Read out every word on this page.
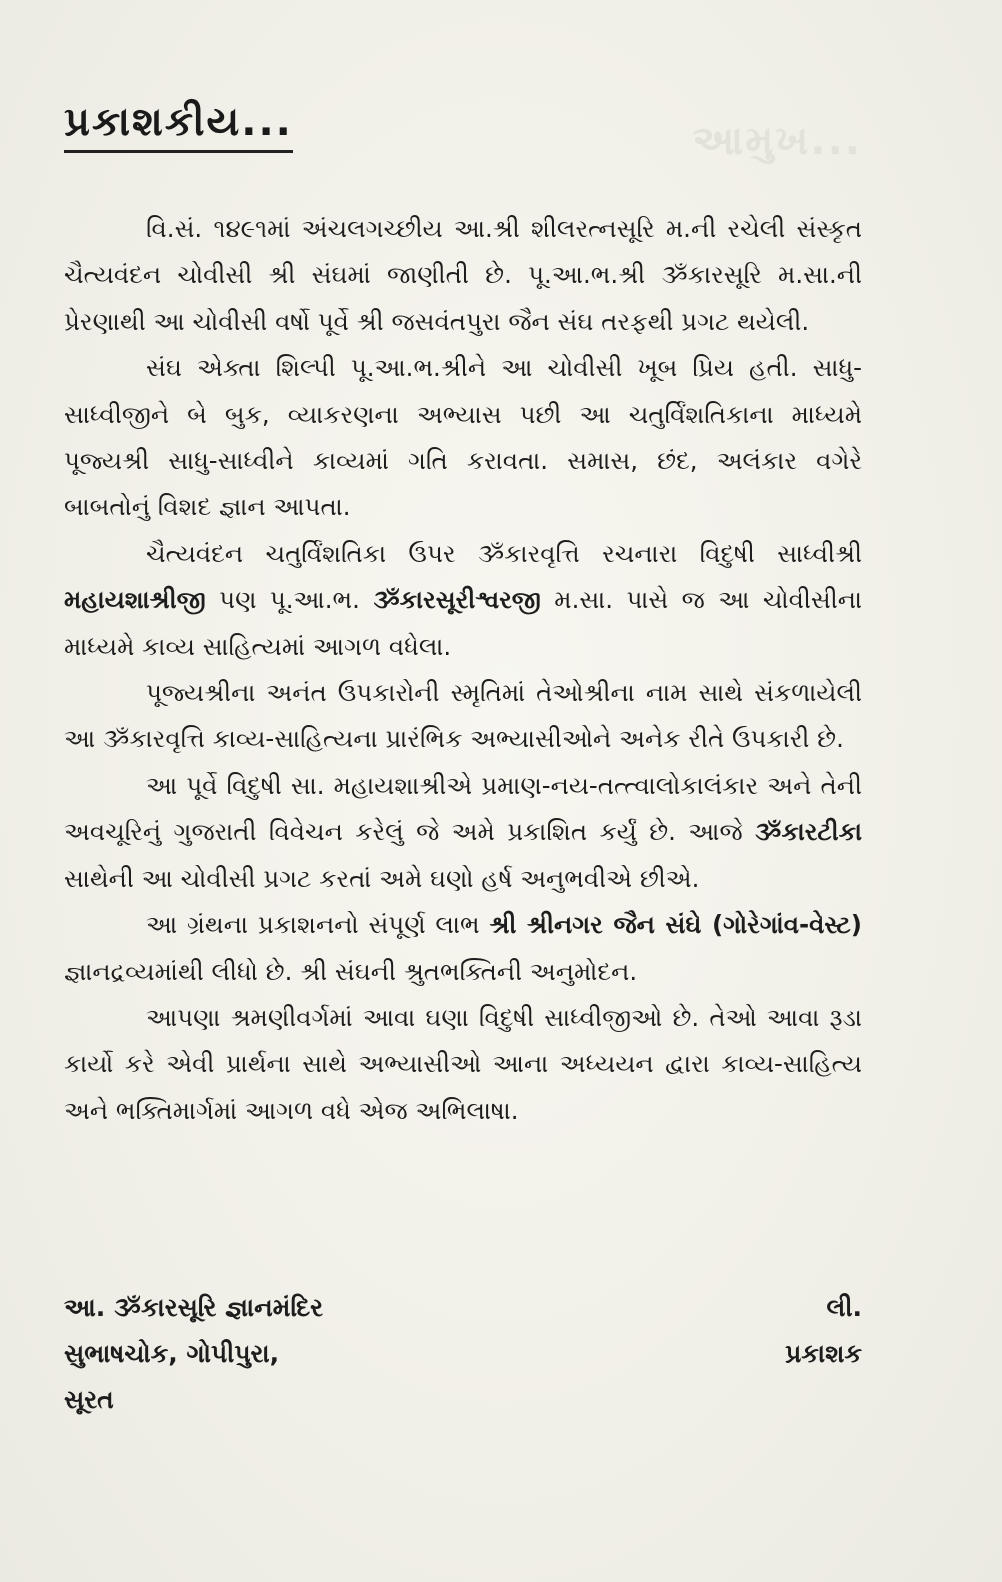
આમુખ...
પ્રકાશકીય...

વિ.સં. ૧૪૯૧માં અંચલગચ્છીય આ.શ્રી શીલરત્નસૂરિ મ.ની રચેલી સંસ્કૃત ચૈત્યવંદન ચોવીસી શ્રી સંઘમાં જાણીતી છે. પૂ.આ.ભ.શ્રી ૐકારસૂરિ મ.સા.ની પ્રેરણાથી આ ચોવીસી વર્ષો પૂર્વે શ્રી જસવંતપુરા જૈન સંઘ તરફથી પ્રગટ થયેલી.

સંઘ એક્તા શિલ્પી પૂ.આ.ભ.શ્રીને આ ચોવીસી ખૂબ પ્રિય હતી. સાધુ-સાધ્વીજીને બે બુક, વ્યાકરણના અભ્યાસ પછી આ ચતુર્વિંશતિકાના માધ્યમે પૂજ્યશ્રી સાધુ-સાધ્વીને કાવ્યમાં ગતિ કરાવતા. સમાસ, છંદ, અલંકાર વગેરે બાબતોનું વિશદ જ્ઞાન આપતા.

ચૈત્યવંદન ચતુર્વિંશતિકા ઉપર ૐકારવૃત્તિ રચનારા વિદુષી સાધ્વીશ્રી મહાયશાશ્રીજી પણ પૂ.આ.ભ. ૐકારસૂરીશ્વરજી મ.સા. પાસે જ આ ચોવીસીના માધ્યમે કાવ્ય સાહિત્યમાં આગળ વધેલા.

પૂજ્યશ્રીના અનંત ઉપકારોની સ્મૃતિમાં તેઓશ્રીના નામ સાથે સંકળાયેલી આ ૐકારવૃત્તિ કાવ્ય-સાહિત્યના પ્રારંભિક અભ્યાસીઓને અનેક રીતે ઉપકારી છે.

આ પૂર્વે વિદુષી સા. મહાયશાશ્રીએ પ્રમાણ-નય-તત્ત્વાલોકાલંકાર અને તેની અવચૂરિનું ગુજરાતી વિવેચન કરેલું જે અમે પ્રકાશિત કર્યું છે. આજે ૐકારટીકા સાથેની આ ચોવીસી પ્રગટ કરતાં અમે ઘણો હર્ષ અનુભવીએ છીએ.

આ ગ્રંથના પ્રકાશનનો સંપૂર્ણ લાભ શ્રી શ્રીનગર જૈન સંઘે (ગોરેગાંવ-વેસ્ટ) જ્ઞાનદ્રવ્યમાંથી લીધો છે. શ્રી સંઘની શ્રુતભક્તિની અનુમોદન.

આપણા શ્રમણીવર્ગમાં આવા ઘણા વિદુષી સાધ્વીજીઓ છે. તેઓ આવા રૂડા કાર્યો કરે એવી પ્રાર્થના સાથે અભ્યાસીઓ આના અધ્યયન દ્વારા કાવ્ય-સાહિત્ય અને ભક્તિમાર્ગમાં આગળ વધે એજ અભિલાષા.

આ. ૐકારસૂરિ જ્ઞાનમંદિર
સુભાષચોક, ગોપીપુરા,
સૂરત
લી.
પ્રકાશક
